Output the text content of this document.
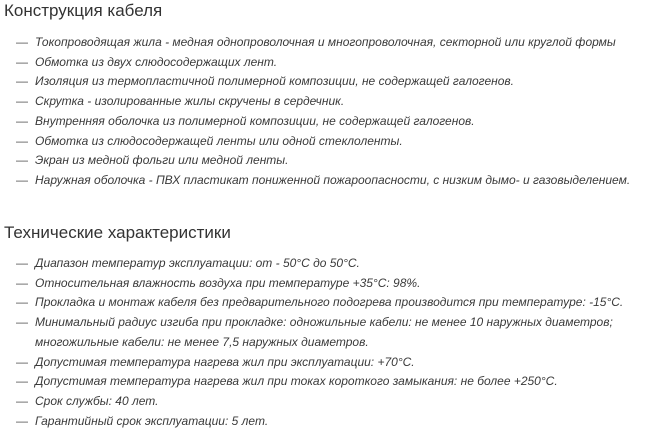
Конструкция кабеля
— Токопроводящая жила - медная однопроволочная и многопроволочная, секторной или круглой формы
— Обмотка из двух слюдосодержащих лент.
— Изоляция из термопластичной полимерной композиции, не содержащей галогенов.
— Скрутка - изолированные жилы скручены в сердечник.
— Внутренняя оболочка из полимерной композиции, не содержащей галогенов.
— Обмотка из слюдосодержащей ленты или одной стеклоленты.
— Экран из медной фольги или медной ленты.
— Наружная оболочка - ПВХ пластикат пониженной пожароопасности, с низким дымо- и газовыделением.
Технические характеристики
— Диапазон температур эксплуатации: от - 50°С до 50°С.
— Относительная влажность воздуха при температуре +35°С: 98%.
— Прокладка и монтаж кабеля без предварительного подогрева производится при температуре: -15°С.
— Минимальный радиус изгиба при прокладке: одножильные кабели: не менее 10 наружных диаметров;
многожильные кабели: не менее 7,5 наружных диаметров.
— Допустимая температура нагрева жил при эксплуатации: +70°С.
— Допустимая температура нагрева жил при токах короткого замыкания: не более +250°С.
— Срок службы: 40 лет.
— Гарантийный срок эксплуатации: 5 лет.
